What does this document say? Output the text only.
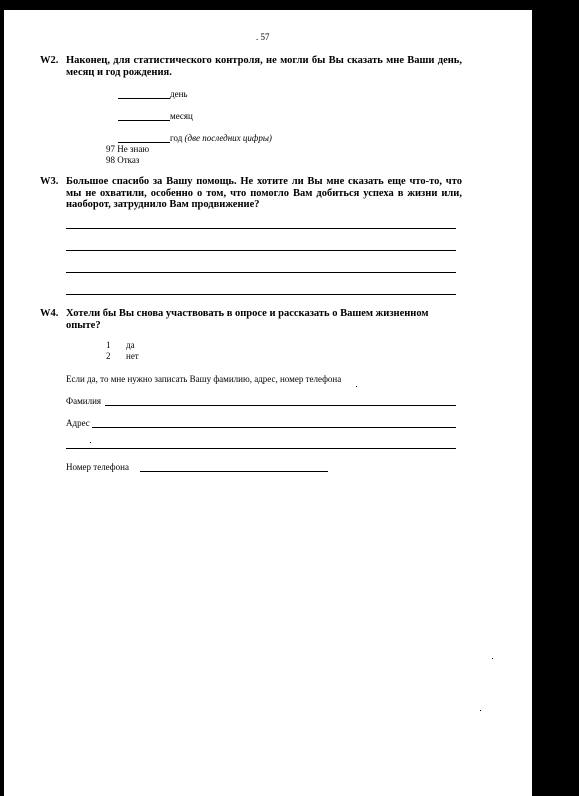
. 57
W2. Наконец, для статистического контроля, не могли бы Вы сказать мне Ваши день, месяц и год рождения.
день
месяц
год (две последних цифры)
97 Не знаю
98 Отказ
W3. Большое спасибо за Вашу помощь. Не хотите ли Вы мне сказать еще что-то, что мы не охватили, особенно о том, что помогло Вам добиться успеха в жизни или, наоборот, затруднило Вам продвижение?
W4. Хотели бы Вы снова участвовать в опросе и рассказать о Вашем жизненном опыте?
1 да
2 нет
Если да, то мне нужно записать Вашу фамилию, адрес, номер телефона
Фамилия
Адрес
Номер телефона
